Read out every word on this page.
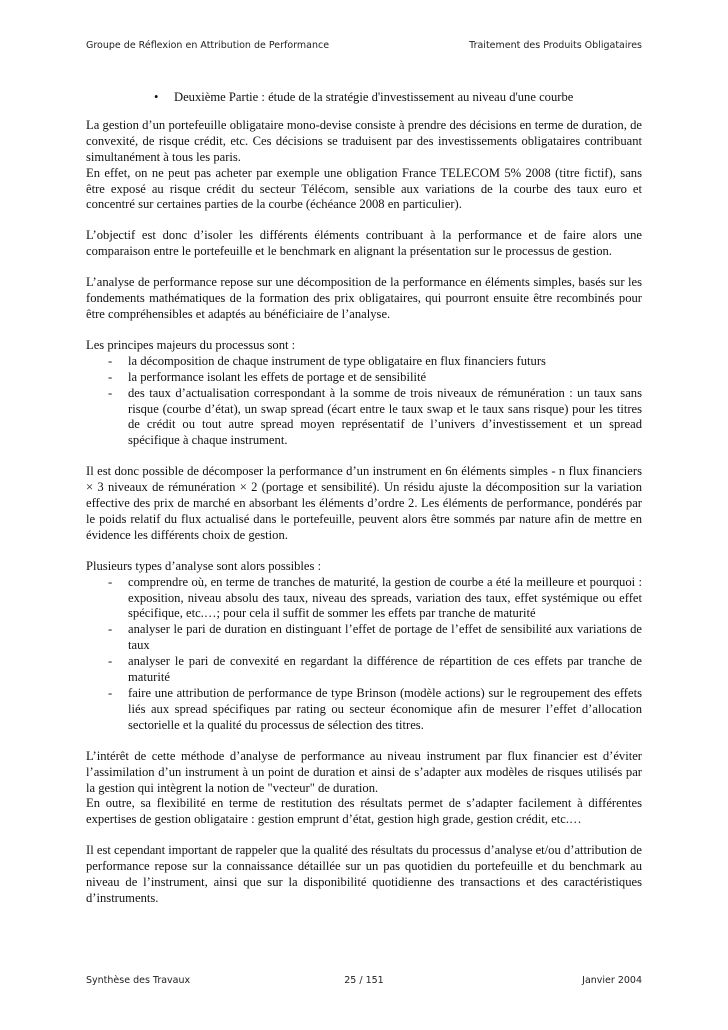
Groupe de Réflexion en Attribution de Performance	Traitement des Produits Obligataires
• Deuxième Partie : étude de la stratégie d'investissement au niveau d'une courbe

La gestion d’un portefeuille obligataire mono-devise consiste à prendre des décisions en terme de duration, de convexité, de risque crédit, etc. Ces décisions se traduisent par des investissements obligataires contribuant simultanément à tous les paris.

En effet, on ne peut pas acheter par exemple une obligation France TELECOM 5% 2008 (titre fictif), sans être exposé au risque crédit du secteur Télécom, sensible aux variations de la courbe des taux euro et concentré sur certaines parties de la courbe (échéance 2008 en particulier).

L’objectif est donc d’isoler les différents éléments contribuant à la performance et de faire alors une comparaison entre le portefeuille et le benchmark en alignant la présentation sur le processus de gestion.

L’analyse de performance repose sur une décomposition de la performance en éléments simples, basés sur les fondements mathématiques de la formation des prix obligataires, qui pourront ensuite être recombinés pour être compréhensibles et adaptés au bénéficiaire de l’analyse.

Les principes majeurs du processus sont :

- la décomposition de chaque instrument de type obligataire en flux financiers futurs
- la performance isolant les effets de portage et de sensibilité
- des taux d’actualisation correspondant à la somme de trois niveaux de rémunération : un taux sans risque (courbe d’état), un swap spread (écart entre le taux swap et le taux sans risque) pour les titres de crédit ou tout autre spread moyen représentatif de l’univers d’investissement et un spread spécifique à chaque instrument.

Il est donc possible de décomposer la performance d’un instrument en 6n éléments simples - n flux financiers × 3 niveaux de rémunération × 2 (portage et sensibilité). Un résidu ajuste la décomposition sur la variation effective des prix de marché en absorbant les éléments d’ordre 2. Les éléments de performance, pondérés par le poids relatif du flux actualisé dans le portefeuille, peuvent alors être sommés par nature afin de mettre en évidence les différents choix de gestion.

Plusieurs types d’analyse sont alors possibles :

- comprendre où, en terme de tranches de maturité, la gestion de courbe a été la meilleure et pourquoi : exposition, niveau absolu des taux, niveau des spreads, variation des taux, effet systémique ou effet spécifique, etc.…; pour cela il suffit de sommer les effets par tranche de maturité
- analyser le pari de duration en distinguant l’effet de portage de l’effet de sensibilité aux variations de taux
- analyser le pari de convexité en regardant la différence de répartition de ces effets par tranche de maturité
- faire une attribution de performance de type Brinson (modèle actions) sur le regroupement des effets liés aux spread spécifiques par rating ou secteur économique afin de mesurer l’effet d’allocation sectorielle et la qualité du processus de sélection des titres.

L’intérêt de cette méthode d’analyse de performance au niveau instrument par flux financier est d’éviter l’assimilation d’un instrument à un point de duration et ainsi de s’adapter aux modèles de risques utilisés par la gestion qui intègrent la notion de "vecteur" de duration.

En outre, sa flexibilité en terme de restitution des résultats permet de s’adapter facilement à différentes expertises de gestion obligataire : gestion emprunt d’état, gestion high grade, gestion crédit, etc.…

Il est cependant important de rappeler que la qualité des résultats du processus d’analyse et/ou d’attribution de performance repose sur la connaissance détaillée sur un pas quotidien du portefeuille et du benchmark au niveau de l’instrument, ainsi que sur la disponibilité quotidienne des transactions et des caractéristiques d’instruments.

Synthèse des Travaux	25 / 151	Janvier 2004
